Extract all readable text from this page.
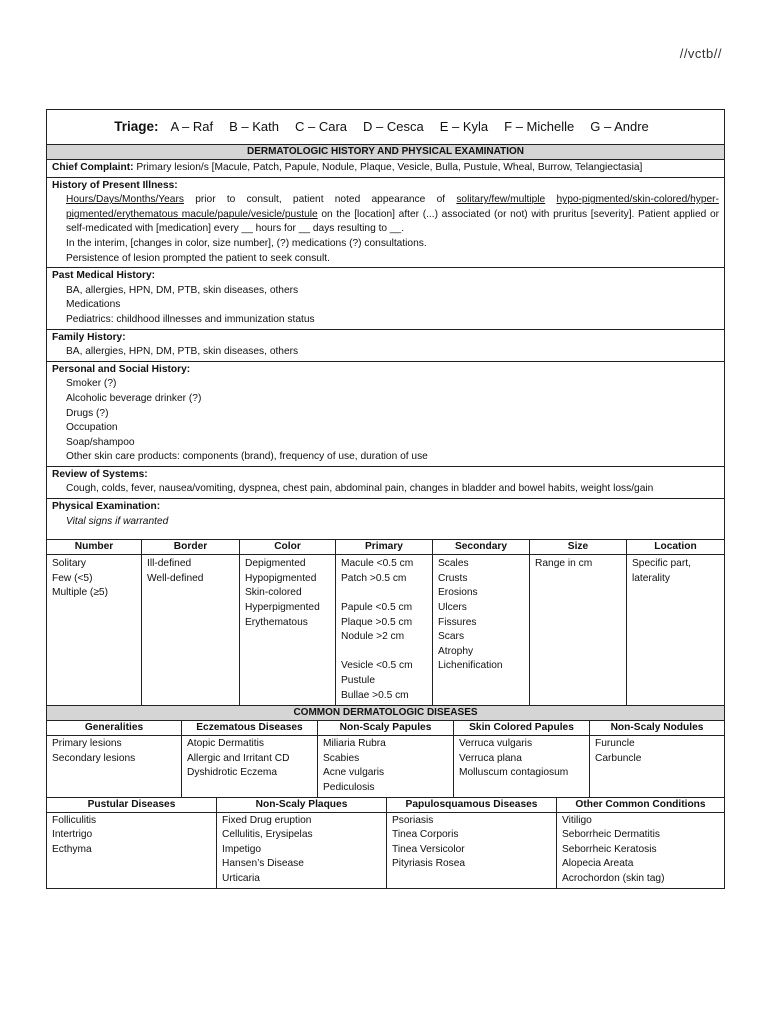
//vctb//
Triage: A – Raf B – Kath C – Cara D – Cesca E – Kyla F – Michelle G – Andre
DERMATOLOGIC HISTORY AND PHYSICAL EXAMINATION
Chief Complaint: Primary lesion/s [Macule, Patch, Papule, Nodule, Plaque, Vesicle, Bulla, Pustule, Wheal, Burrow, Telangiectasia]
History of Present Illness:
Hours/Days/Months/Years prior to consult, patient noted appearance of solitary/few/multiple hypo-pigmented/skin-colored/hyper-pigmented/erythematous macule/papule/vesicle/pustule on the [location] after (...) associated (or not) with pruritus [severity]. Patient applied or self-medicated with [medication] every __ hours for __ days resulting to __.
In the interim, [changes in color, size number], (?) medications (?) consultations.
Persistence of lesion prompted the patient to seek consult.
Past Medical History:
BA, allergies, HPN, DM, PTB, skin diseases, others
Medications
Pediatrics: childhood illnesses and immunization status
Family History:
BA, allergies, HPN, DM, PTB, skin diseases, others
Personal and Social History:
Smoker (?)
Alcoholic beverage drinker (?)
Drugs (?)
Occupation
Soap/shampoo
Other skin care products: components (brand), frequency of use, duration of use
Review of Systems:
Cough, colds, fever, nausea/vomiting, dyspnea, chest pain, abdominal pain, changes in bladder and bowel habits, weight loss/gain
Physical Examination:
Vital signs if warranted
Number
Solitary
Few (<5)
Multiple (≥5)
Border
Ill-defined
Well-defined
Color
Depigmented
Hypopigmented
Skin-colored
Hyperpigmented
Erythematous
Primary
Macule <0.5 cm
Patch >0.5 cm
Papule <0.5 cm
Plaque >0.5 cm
Nodule >2 cm
Vesicle <0.5 cm
Pustule
Bullae >0.5 cm
Secondary
Scales
Crusts
Erosions
Ulcers
Fissures
Scars
Atrophy
Lichenification
Size
Range in cm
Location
Specific part,
laterality
COMMON DERMATOLOGIC DISEASES
Generalities
Primary lesions
Secondary lesions
Eczematous Diseases
Atopic Dermatitis
Allergic and Irritant CD
Dyshidrotic Eczema
Non-Scaly Papules
Miliaria Rubra
Scabies
Acne vulgaris
Pediculosis
Skin Colored Papules
Verruca vulgaris
Verruca plana
Molluscum contagiosum
Non-Scaly Nodules
Furuncle
Carbuncle
Pustular Diseases
Folliculitis
Intertrigo
Ecthyma
Non-Scaly Plaques
Fixed Drug eruption
Cellulitis, Erysipelas
Impetigo
Hansen’s Disease
Urticaria
Papulosquamous Diseases
Psoriasis
Tinea Corporis
Tinea Versicolor
Pityriasis Rosea
Other Common Conditions
Vitiligo
Seborrheic Dermatitis
Seborrheic Keratosis
Alopecia Areata
Acrochordon (skin tag)
